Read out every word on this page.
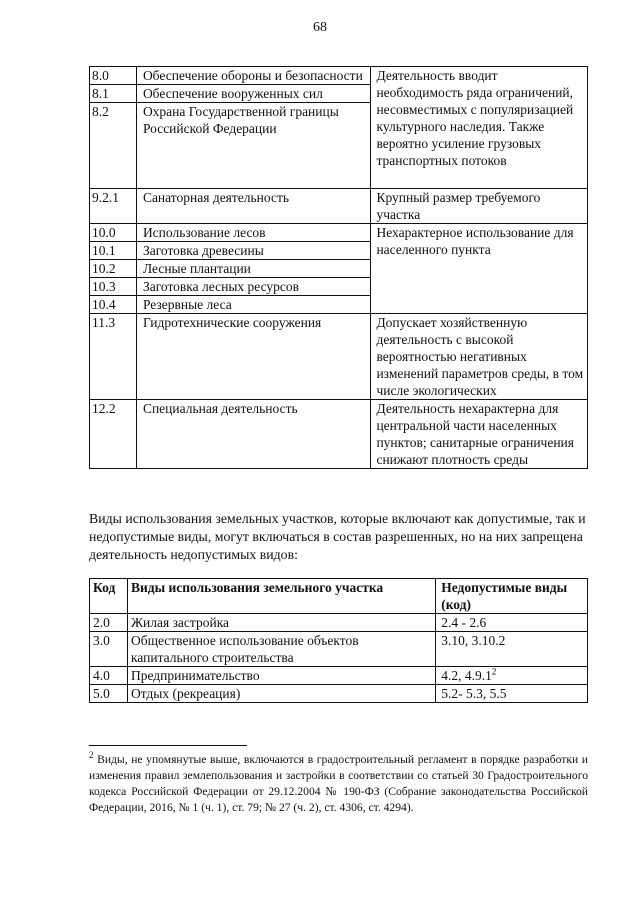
68
8.0	Обеспечение обороны и безопасности	Деятельность вводит необходимость ряда ограничений, несовместимых с популяризацией культурного наследия. Также вероятно усиление грузовых транспортных потоков
8.1	Обеспечение вооруженных сил	
8.2	Охрана Государственной границы Российской Федерации	
9.2.1	Санаторная деятельность	Крупный размер требуемого участка
10.0	Использование лесов	Нехарактерное использование для населенного пункта
10.1	Заготовка древесины	
10.2	Лесные плантации	
10.3	Заготовка лесных ресурсов	
10.4	Резервные леса	
11.3	Гидротехнические сооружения	Допускает хозяйственную деятельность с высокой вероятностью негативных изменений параметров среды, в том числе экологических
12.2	Специальная деятельность	Деятельность нехарактерна для центральной части населенных пунктов; санитарные ограничения снижают плотность среды
Виды использования земельных участков, которые включают как допустимые, так и недопустимые виды, могут включаться в состав разрешенных, но на них запрещена деятельность недопустимых видов:
Код	Виды использования земельного участка	Недопустимые виды (код)
2.0	Жилая застройка	2.4 - 2.6
3.0	Общественное использование объектов капитального строительства	3.10, 3.10.2
4.0	Предпринимательство	4.2, 4.9.1$^2$
5.0	Отдых (рекреация)	5.2- 5.3, 5.5
$^2$ Виды, не упомянутые выше, включаются в градостроительный регламент в порядке разработки и изменения правил землепользования и застройки в соответствии со статьей 30 Градостроительного кодекса Российской Федерации от 29.12.2004 № 190-ФЗ (Собрание законодательства Российской Федерации, 2016, № 1 (ч. 1), ст. 79; № 27 (ч. 2), ст. 4306, ст. 4294).
